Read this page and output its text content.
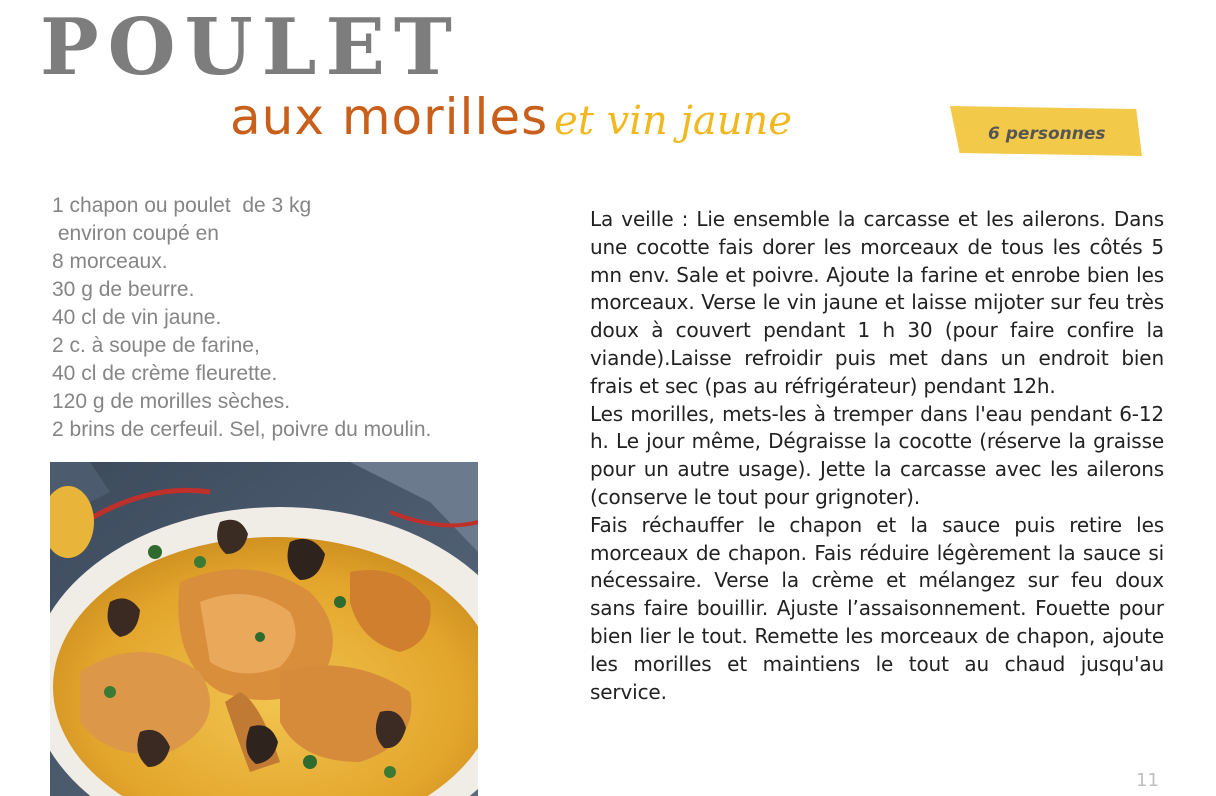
POULET
aux morilles et vin jaune	6 personnes
1 chapon ou poulet  de 3 kg
environ coupé en
8 morceaux.
30 g de beurre.
40 cl de vin jaune.
2 c. à soupe de farine,
40 cl de crème fleurette.
120 g de morilles sèches.
2 brins de cerfeuil. Sel, poivre du moulin.

La veille : Lie ensemble la carcasse et les ailerons. Dans une cocotte fais dorer les morceaux de tous les côtés 5 mn env. Sale et poivre. Ajoute la farine et enrobe bien les morceaux. Verse le vin jaune et laisse mijoter sur feu très doux à couvert pendant 1 h 30 (pour faire confire la viande).Laisse refroidir puis met dans un endroit bien frais et sec (pas au réfrigérateur) pendant 12h.

Les morilles, mets-les à tremper dans l'eau pendant 6-12 h. Le jour même, Dégraisse la cocotte (réserve la graisse pour un autre usage). Jette la carcasse avec les ailerons (conserve le tout pour grignoter).

Fais réchauffer le chapon et la sauce puis retire les morceaux de chapon. Fais réduire légèrement la sauce si nécessaire. Verse la crème et mélangez sur feu doux sans faire bouillir. Ajuste l’assaisonnement. Fouette pour bien lier le tout. Remette les morceaux de chapon, ajoute les morilles et maintiens le tout au chaud jusqu'au service.

11
